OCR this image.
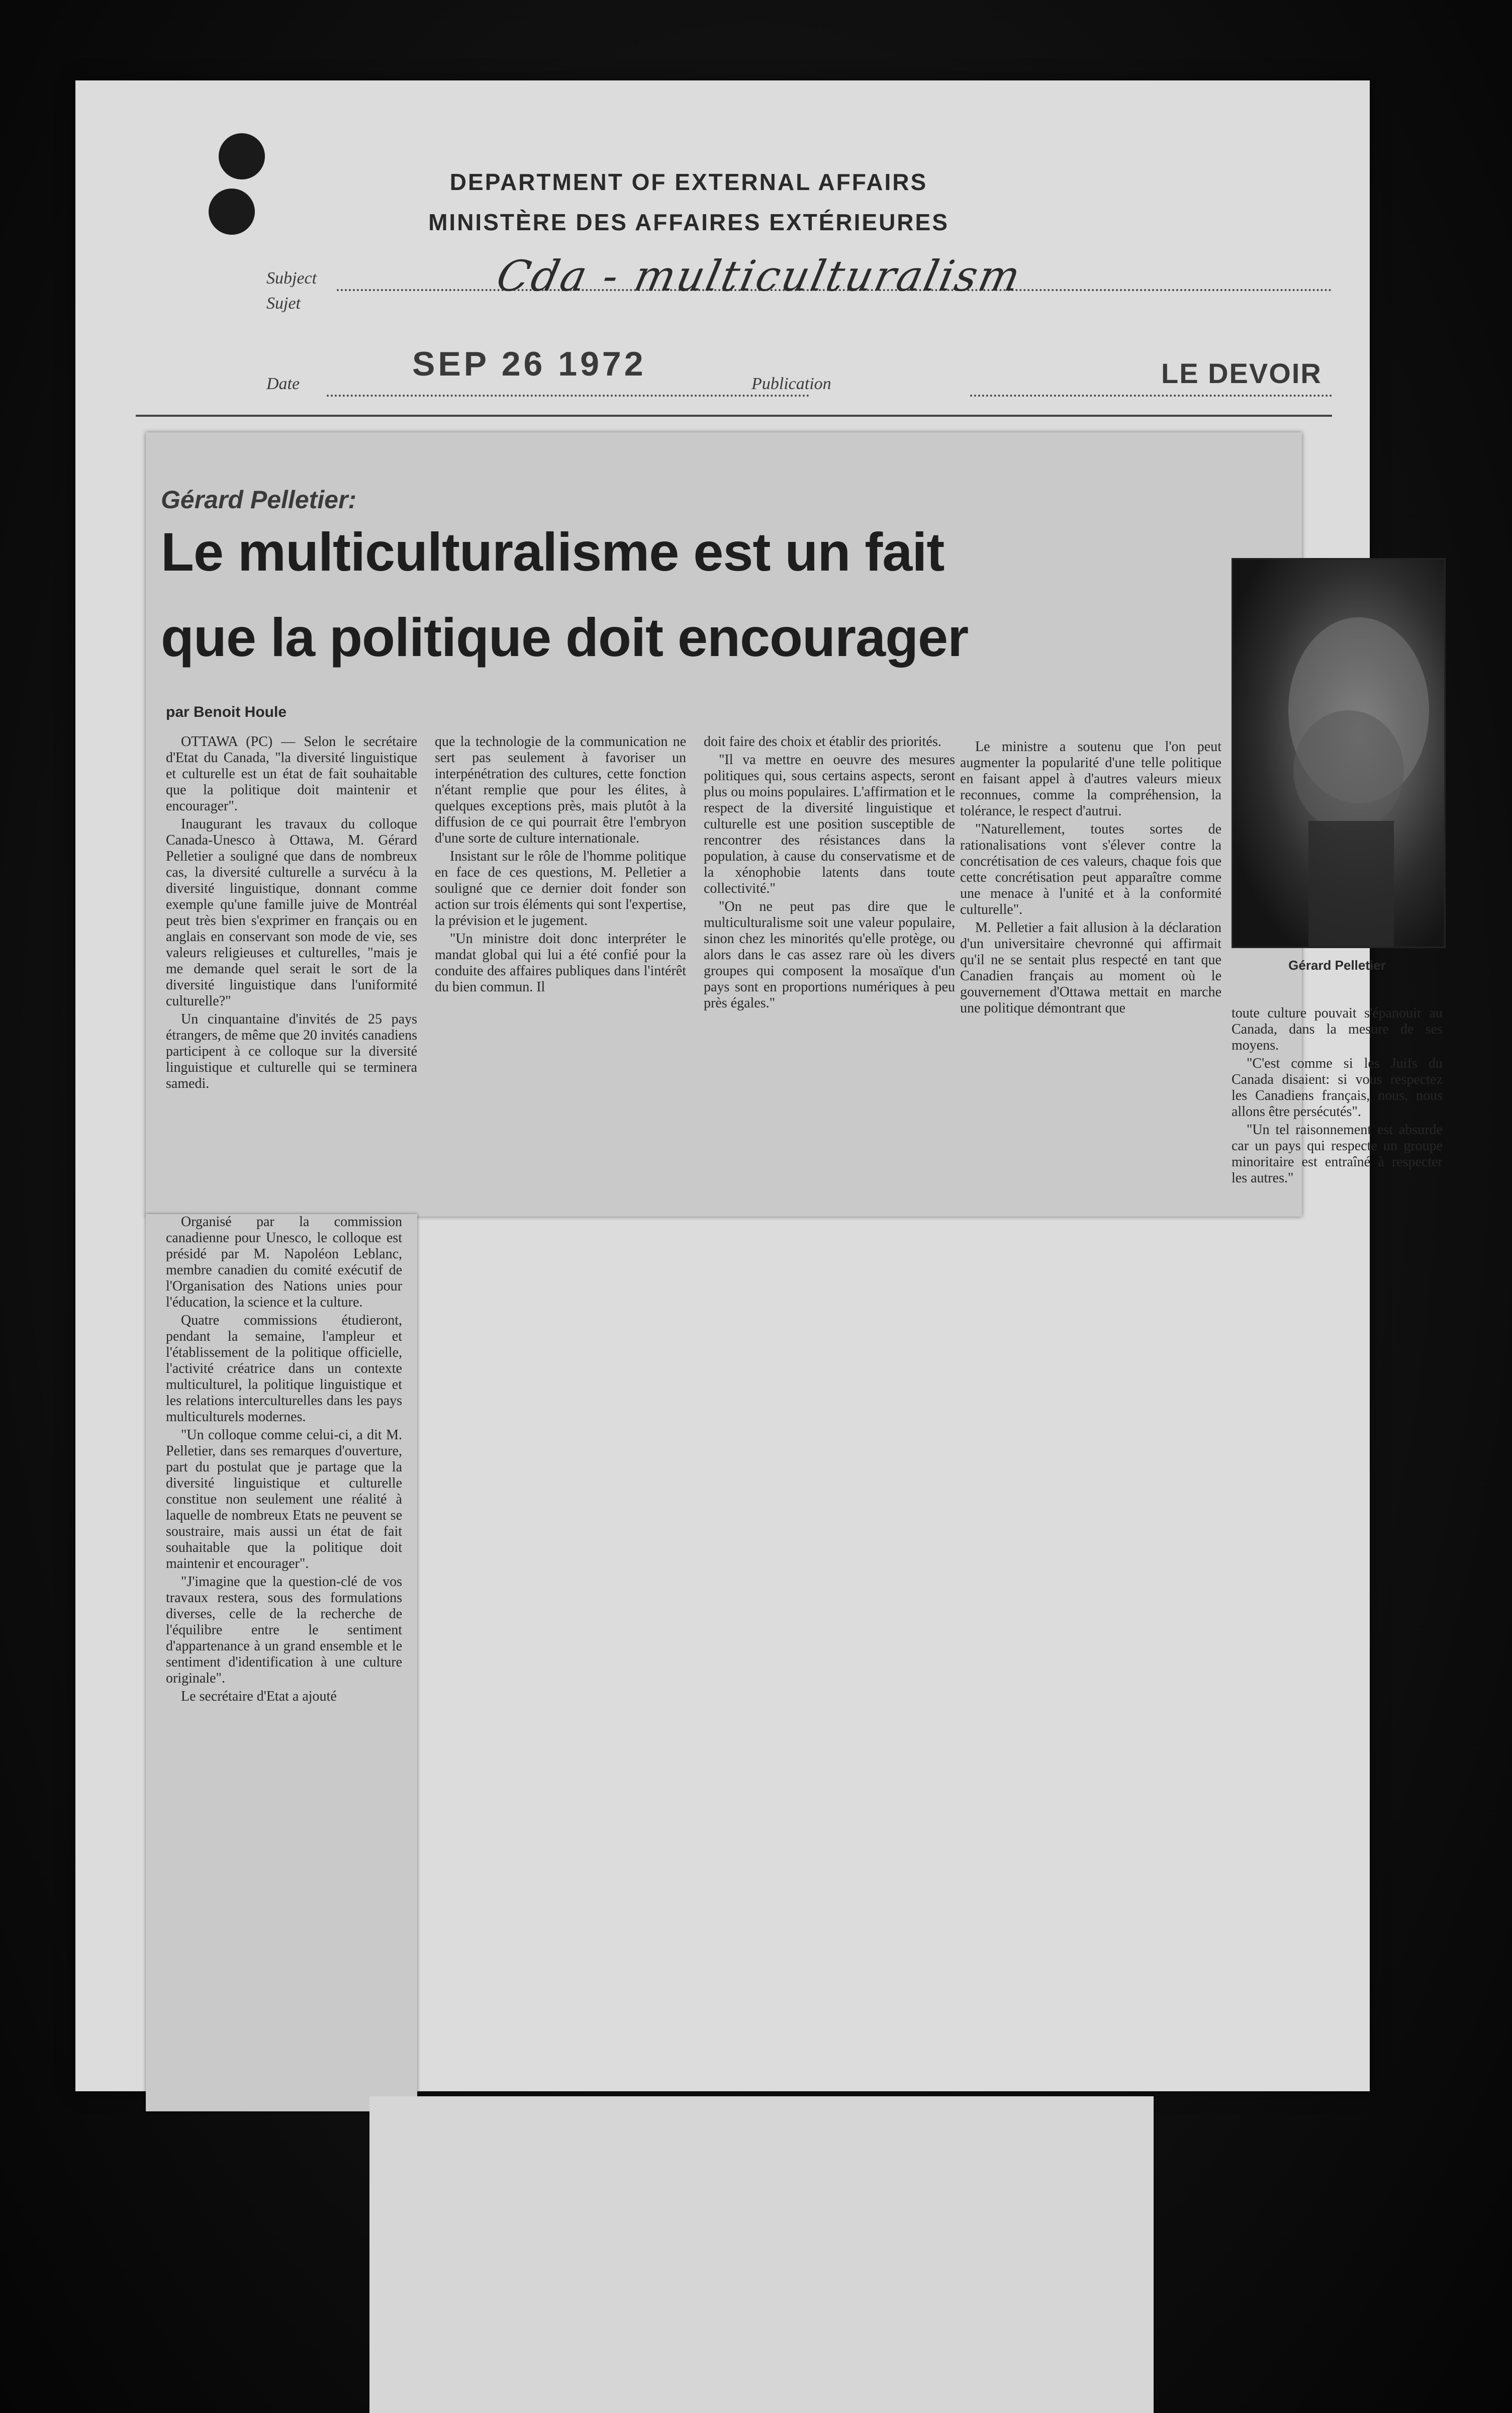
DEPARTMENT OF EXTERNAL AFFAIRS
MINISTÈRE DES AFFAIRES EXTÉRIEURES
Subject
Sujet
Cda - multiculturalism
Date
SEP 26 1972
Publication	LE DEVOIR
Gérard Pelletier:
Le multiculturalisme est un fait
que la politique doit encourager
par Benoit Houle

OTTAWA (PC) — Selon le secrétaire d'Etat du Canada, "la diversité linguistique et culturelle est un état de fait souhaitable que la politique doit maintenir et encourager".

Inaugurant les travaux du colloque Canada-Unesco à Ottawa, M. Gérard Pelletier a souligné que dans de nombreux cas, la diversité culturelle a survécu à la diversité linguistique, donnant comme exemple qu'une famille juive de Montréal peut très bien s'exprimer en français ou en anglais en conservant son mode de vie, ses valeurs religieuses et culturelles, "mais je me demande quel serait le sort de la diversité linguistique dans l'uniformité culturelle?"

Un cinquantaine d'invités de 25 pays étrangers, de même que 20 invités canadiens participent à ce colloque sur la diversité linguistique et culturelle qui se terminera samedi.

que la technologie de la communication ne sert pas seulement à favoriser un interpénétration des cultures, cette fonction n'étant remplie que pour les élites, à quelques exceptions près, mais plutôt à la diffusion de ce qui pourrait être l'embryon d'une sorte de culture internationale.

Insistant sur le rôle de l'homme politique en face de ces questions, M. Pelletier a souligné que ce dernier doit fonder son action sur trois éléments qui sont l'expertise, la prévision et le jugement.

"Un ministre doit donc interpréter le mandat global qui lui a été confié pour la conduite des affaires publiques dans l'intérêt du bien commun. Il

doit faire des choix et établir des priorités.

"Il va mettre en oeuvre des mesures politiques qui, sous certains aspects, seront plus ou moins populaires. L'affirmation et le respect de la diversité linguistique et culturelle est une position susceptible de rencontrer des résistances dans la population, à cause du conservatisme et de la xénophobie latents dans toute collectivité."

"On ne peut pas dire que le multiculturalisme soit une valeur populaire, sinon chez les minorités qu'elle protège, ou alors dans le cas assez rare où les divers groupes qui composent la mosaïque d'un pays sont en proportions numériques à peu près égales."

Le ministre a soutenu que l'on peut augmenter la popularité d'une telle politique en faisant appel à d'autres valeurs mieux reconnues, comme la compréhension, la tolérance, le respect d'autrui.

"Naturellement, toutes sortes de rationalisations vont s'élever contre la concrétisation de ces valeurs, chaque fois que cette concrétisation peut apparaître comme une menace à l'unité et à la conformité culturelle".

M. Pelletier a fait allusion à la déclaration d'un universitaire chevronné qui affirmait qu'il ne se sentait plus respecté en tant que Canadien français au moment où le gouvernement d'Ottawa mettait en marche une politique démontrant que	toute culture pouvait s'épanouir au Canada, dans la mesure de ses moyens.

"C'est comme si les Juifs du Canada disaient: si vous respectez les Canadiens français, nous, nous allons être persécutés".

"Un tel raisonnement est absurde car un pays qui respecte un groupe minoritaire est entraîné à respecter les autres."

Gérard Pelletier

Organisé par la commission canadienne pour Unesco, le colloque est présidé par M. Napoléon Leblanc, membre canadien du comité exécutif de l'Organisation des Nations unies pour l'éducation, la science et la culture.

Quatre commissions étudieront, pendant la semaine, l'ampleur et l'établissement de la politique officielle, l'activité créatrice dans un contexte multiculturel, la politique linguistique et les relations interculturelles dans les pays multiculturels modernes.

"Un colloque comme celui-ci, a dit M. Pelletier, dans ses remarques d'ouverture, part du postulat que je partage que la diversité linguistique et culturelle constitue non seulement une réalité à laquelle de nombreux Etats ne peuvent se soustraire, mais aussi un état de fait souhaitable que la politique doit maintenir et encourager".

"J'imagine que la question-clé de vos travaux restera, sous des formulations diverses, celle de la recherche de l'équilibre entre le sentiment d'appartenance à un grand ensemble et le sentiment d'identification à une culture originale".

Le secrétaire d'Etat a ajouté
